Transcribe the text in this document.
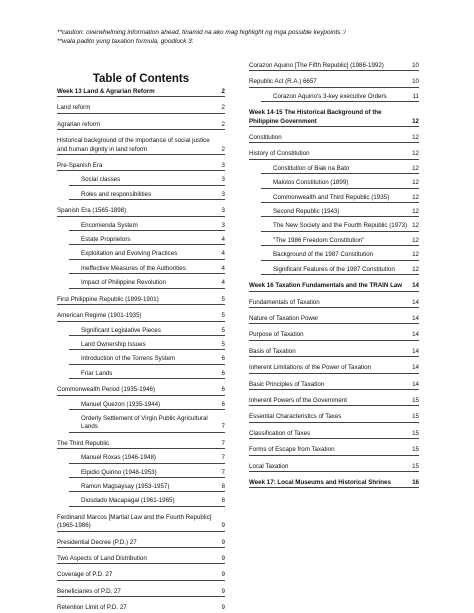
**caution: overwhelming information ahead, tinamid na ako mag highlight ng mga possible keypoints :/
**wala padito yung taxation formula, goodluck 3:
Table of Contents
Week 13 Land & Agrarian Reform	2
Land reform	2
Agrarian reform	2
Historical background of the importance of social justice and human dignity in land reform	2
Pre-Spanish Era	3
Social classes	3
Roles and responsibilities	3
Spanish Era (1565-1898)	3
Encomienda System	3
Estate Proprietors	4
Exploitation and Evolving Practices	4
Ineffective Measures of the Authorities	4
Impact of Philippine Revolution	4
First Philippine Republic (1899-1901)	5
American Regime (1901-1935)	5
Significant Legislative Pieces	5
Land Ownership Issues	5
Introduction of the Torrens System	6
Friar Lands	6
Commonwealth Period (1935-1946)	6
Manuel Quezon (1935-1944)	6
Orderly Settlement of Virgin Public Agricultural Lands	7
The Third Republic	7
Manuel Roxas (1946-1948)	7
Elpidio Quirino (1948-1953)	7
Ramon Magsaysay (1953-1957)	8
Diosdado Macapagal (1961-1965)	8
Ferdinand Marcos [Martial Law and the Fourth Republic] (1965-1986)	9
Presidential Decree (P.D.) 27	9
Two Aspects of Land Distribution	9
Coverage of P.D. 27	9
Beneficiaries of P.D. 27	9
Retention Limit of P.D. 27	9
Corazon Aquino [The Fifth Republic] (1986-1992)	10
Republic Act (R.A.) 6657	10
Corazon Aquino's 3-key executive Orders	11
Week 14-15 The Historical Background of the Philippine Government	12
Constitution	12
History of Constitution	12
Constitution of Biak na Bato	12
Malolos Constitution (1899)	12
Commonwealth and Third Republic (1935)	12
Second Republic (1943)	12
The New Society and the Fourth Republic (1973) 12
"The 1986 Freedom Constitution"	12
Background of the 1987 Constitution	12
Significant Features of the 1987 Constitution	12
Week 16 Taxation Fundamentals and the TRAIN Law	14
Fundamentals of Taxation	14
Nature of Taxation Power	14
Purpose of Taxation	14
Basis of Taxation	14
Inherent Limitations of the Power of Taxation	14
Basic Principles of Taxation	14
Inherent Powers of the Government	15
Essential Characteristics of Taxes	15
Classification of Taxes	15
Forms of Escape from Taxation	15
Local Taxation	15
Week 17: Local Museums and Historical Shrines	16
